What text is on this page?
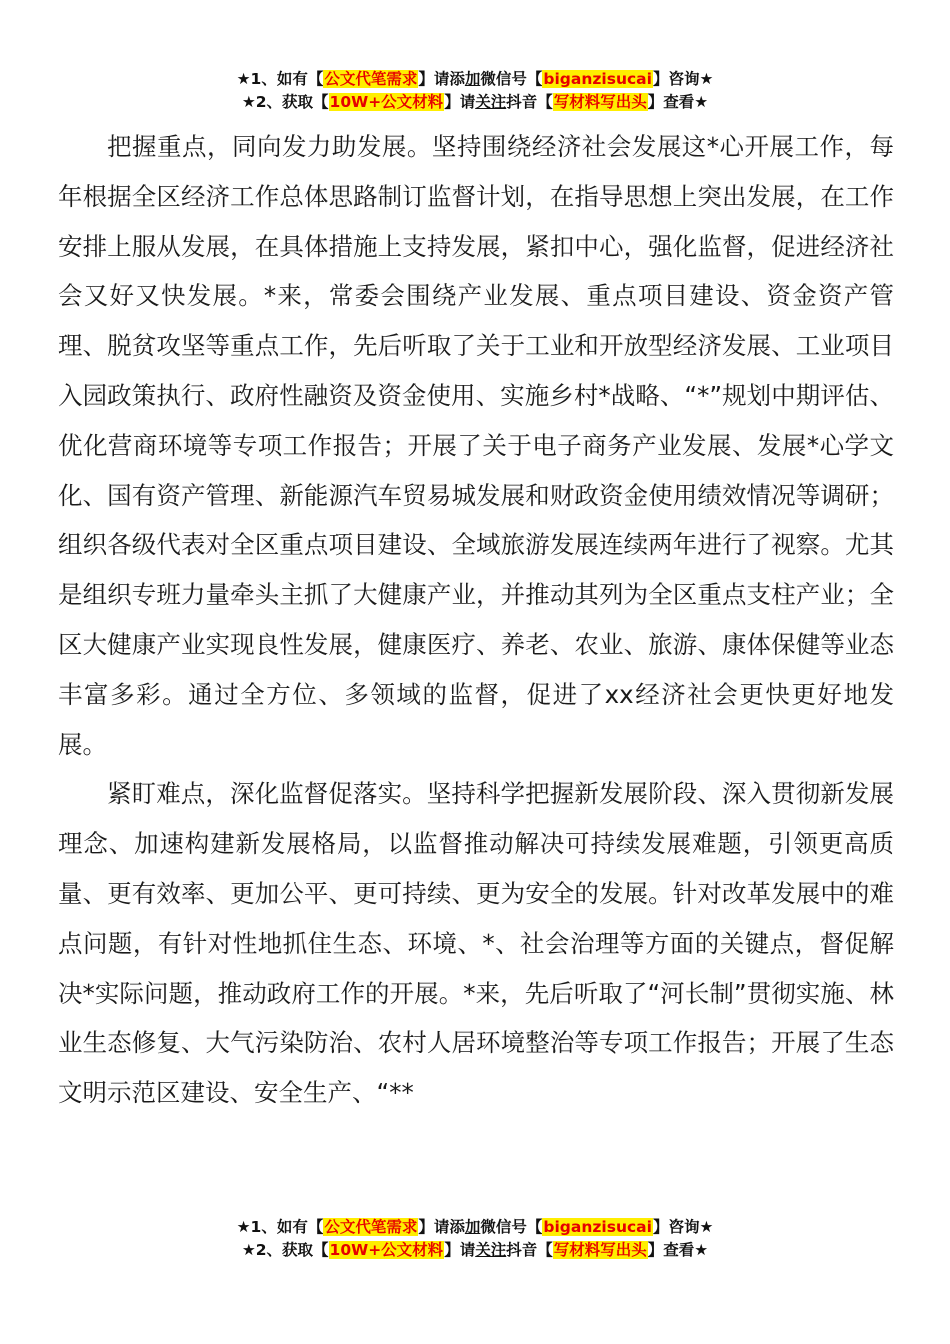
★1、如有【公文代笔需求】请添加微信号【biganzisucai】咨询★
★2、获取【10W+公文材料】请关注抖音【写材料写出头】查看★

把握重点，同向发力助发展。坚持围绕经济社会发展这*心开展工作，每年根据全区经济工作总体思路制订监督计划，在指导思想上突出发展，在工作安排上服从发展，在具体措施上支持发展，紧扣中心，强化监督，促进经济社会又好又快发展。*来，常委会围绕产业发展、重点项目建设、资金资产管理、脱贫攻坚等重点工作，先后听取了关于工业和开放型经济发展、工业项目入园政策执行、政府性融资及资金使用、实施乡村*战略、“*”规划中期评估、优化营商环境等专项工作报告；开展了关于电子商务产业发展、发展*心学文化、国有资产管理、新能源汽车贸易城发展和财政资金使用绩效情况等调研；组织各级代表对全区重点项目建设、全域旅游发展连续两年进行了视察。尤其是组织专班力量牵头主抓了大健康产业，并推动其列为全区重点支柱产业；全区大健康产业实现良性发展，健康医疗、养老、农业、旅游、康体保健等业态丰富多彩。通过全方位、多领域的监督，促进了xx经济社会更快更好地发展。

紧盯难点，深化监督促落实。坚持科学把握新发展阶段、深入贯彻新发展理念、加速构建新发展格局，以监督推动解决可持续发展难题，引领更高质量、更有效率、更加公平、更可持续、更为安全的发展。针对改革发展中的难点问题，有针对性地抓住生态、环境、*、社会治理等方面的关键点，督促解决*实际问题，推动政府工作的开展。*来，先后听取了“河长制”贯彻实施、林业生态修复、大气污染防治、农村人居环境整治等专项工作报告；开展了生态文明示范区建设、安全生产、“**

★1、如有【公文代笔需求】请添加微信号【biganzisucai】咨询★
★2、获取【10W+公文材料】请关注抖音【写材料写出头】查看★
